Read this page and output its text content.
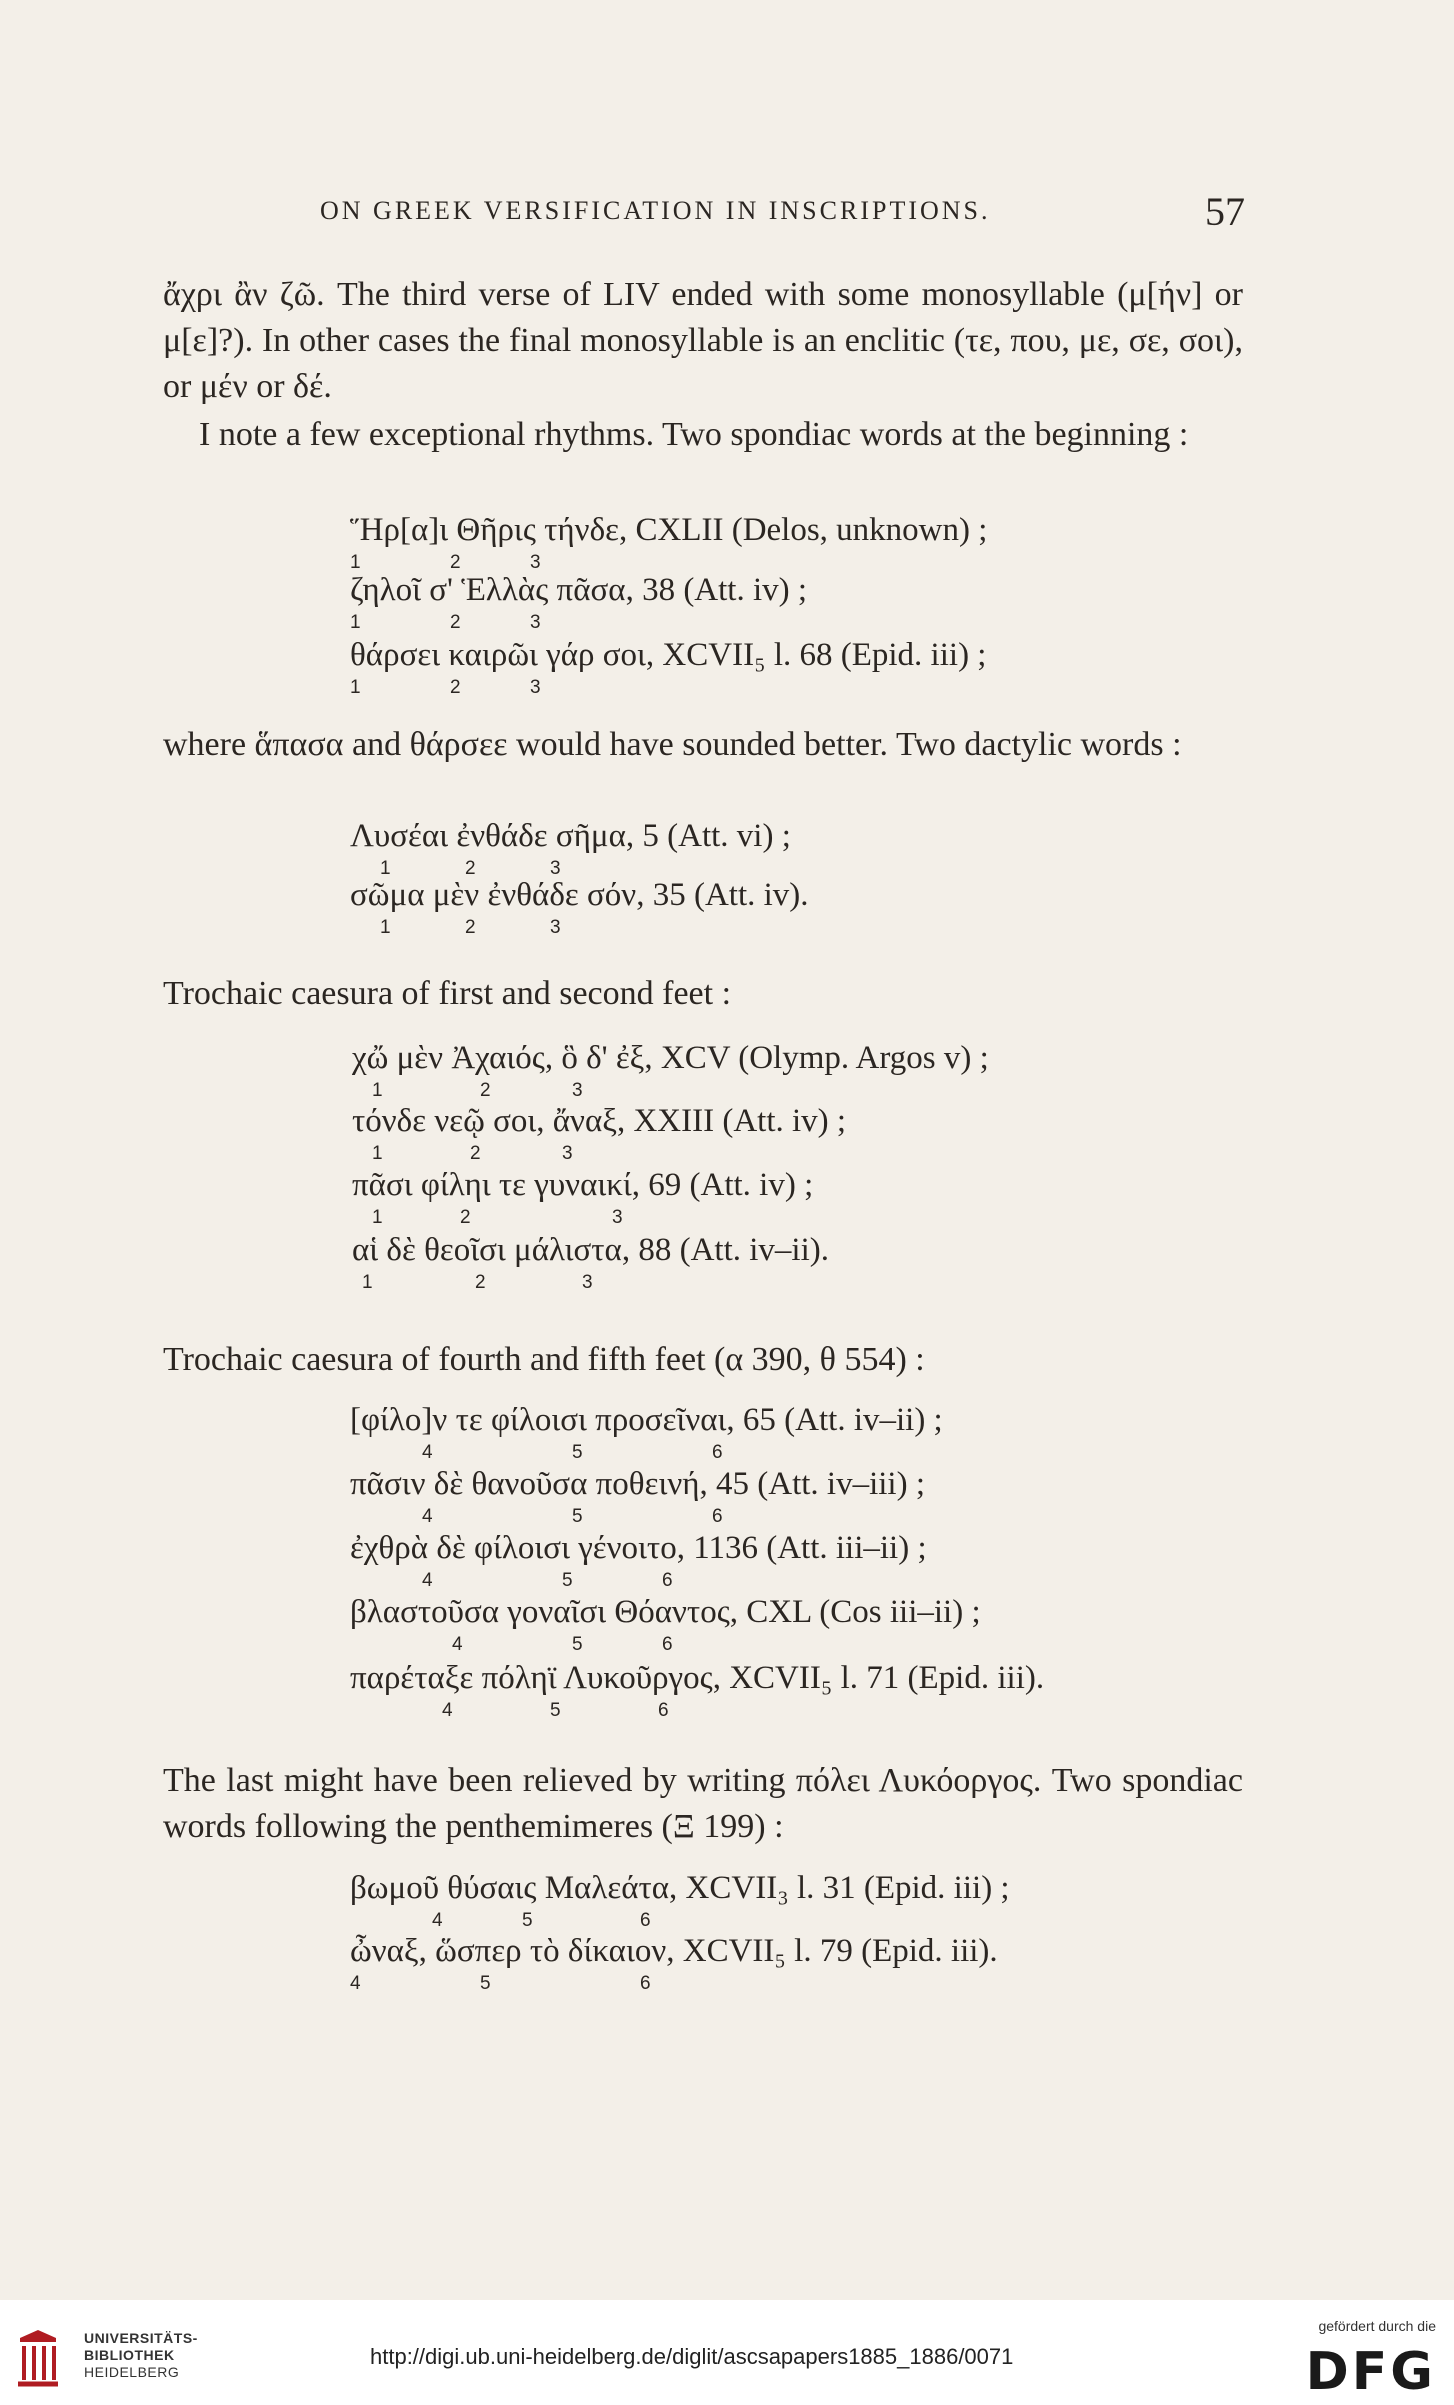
ON GREEK VERSIFICATION IN INSCRIPTIONS.	57
ἄχρι ἂν ζῶ. The third verse of LIV ended with some monosyllable (μ[ήν] or μ[ε]?). In other cases the final monosyllable is an enclitic (τε, που, με, σε, σοι), or μέν or δέ.
I note a few exceptional rhythms. Two spondiac words at the beginning :
Ἥρ[α]ι Θῆρις τήνδε, CXLII (Delos, unknown) ;
1	2	3
ζηλοῖ σ' Ἑλλὰς πᾶσα, 38 (Att. iv) ;
1	2	3
θάρσει καιρῶι γάρ σοι, XCVII₅ l. 68 (Epid. iii) ;
1	2	3
where ἅπασα and θάρσεε would have sounded better. Two dactylic words :
Λυσέαι ἐνθάδε σῆμα, 5 (Att. vi) ;
1	2	3
σῶμα μὲν ἐνθάδε σόν, 35 (Att. iv).
1	2	3
Trochaic caesura of first and second feet :
χὤ μὲν Ἀχαιός, ὃ δ' ἐξ, XCV (Olymp. Argos v) ;
1	2	3
τόνδε νεῷ σοι, ἄναξ, XXIII (Att. iv) ;
1	2	3
πᾶσι φίληι τε γυναικί, 69 (Att. iv) ;
1	2	3
αἱ δὲ θεοῖσι μάλιστα, 88 (Att. iv–ii).
1	2	3
Trochaic caesura of fourth and fifth feet (α 390, θ 554) :
[φίλο]ν τε φίλοισι προσεῖναι, 65 (Att. iv–ii) ;
4	5	6
πᾶσιν δὲ θανοῦσα ποθεινή, 45 (Att. iv–iii) ;
4	5	6
ἐχθρὰ δὲ φίλοισι γένοιτο, 1136 (Att. iii–ii) ;
4	5	6
βλαστοῦσα γοναῖσι Θόαντος, CXL (Cos iii–ii) ;
4	5	6
παρέταξε πόληϊ Λυκοῦργος, XCVII₅ l. 71 (Epid. iii).
4	5	6
The last might have been relieved by writing πόλει Λυκόοργος. Two spondiac words following the penthemimeres (Ξ 199) :
βωμοῦ θύσαις Μαλεάτα, XCVII₃ l. 31 (Epid. iii) ;
4	5	6
ὦναξ, ὥσπερ τὸ δίκαιον, XCVII₅ l. 79 (Epid. iii).
4	5	6
UNIVERSITÄTS-
BIBLIOTHEK
HEIDELBERG
http://digi.ub.uni-heidelberg.de/diglit/ascsapapers1885_1886/0071
gefördert durch die
DFG
